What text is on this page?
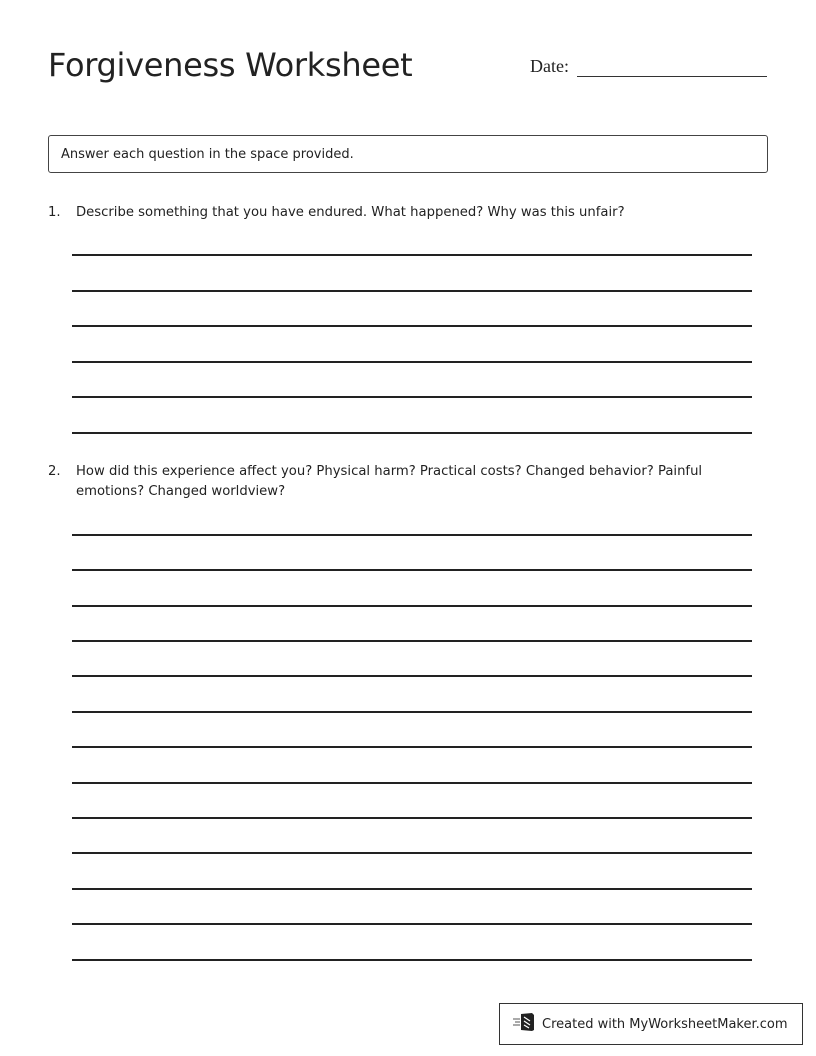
Forgiveness Worksheet	Date:
Answer each question in the space provided.
1.	Describe something that you have endured. What happened? Why was this unfair?
2.	How did this experience affect you? Physical harm? Practical costs? Changed behavior? Painful emotions? Changed worldview?
Created with MyWorksheetMaker.com
